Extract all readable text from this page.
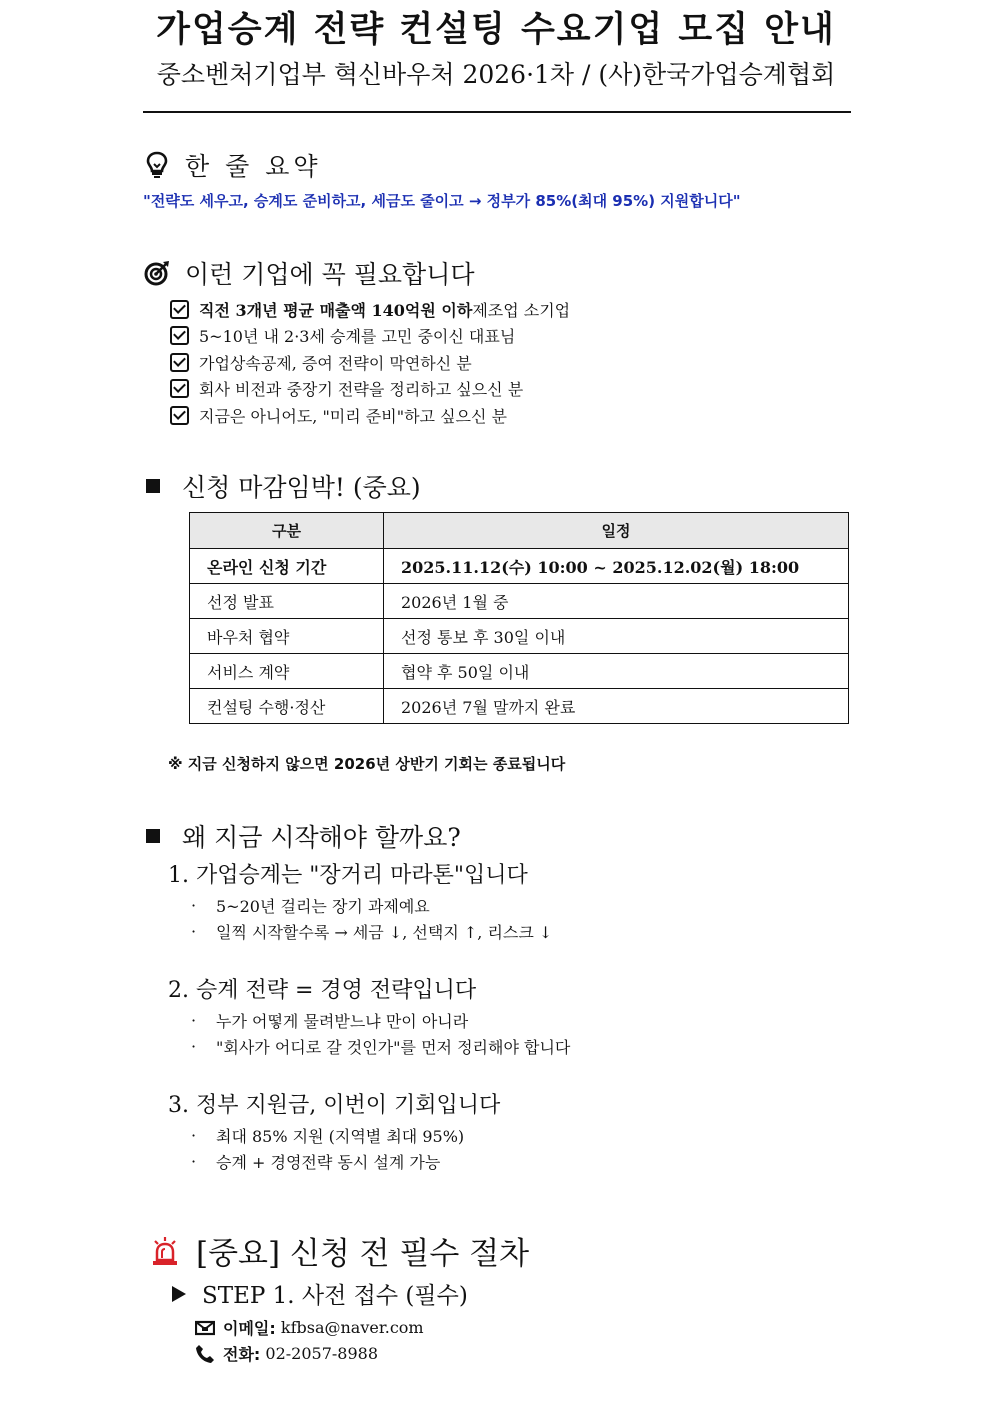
가업승계 전략 컨설팅 수요기업 모집 안내
중소벤처기업부 혁신바우처 2026·1차 / (사)한국가업승계협회
한 줄 요약
"전략도 세우고, 승계도 준비하고, 세금도 줄이고 → 정부가 85%(최대 95%) 지원합니다"
이런 기업에 꼭 필요합니다
직전 3개년 평균 매출액 140억원 이하 제조업 소기업
5~10년 내 2·3세 승계를 고민 중이신 대표님
가업상속공제, 증여 전략이 막연하신 분
회사 비전과 중장기 전략을 정리하고 싶으신 분
지금은 아니어도, "미리 준비"하고 싶으신 분
신청 마감임박! (중요)
구분	일정
온라인 신청 기간	2025.11.12(수) 10:00 ~ 2025.12.02(월) 18:00
선정 발표	2026년 1월 중
바우처 협약	선정 통보 후 30일 이내
서비스 계약	협약 후 50일 이내
컨설팅 수행·정산	2026년 7월 말까지 완료
※ 지금 신청하지 않으면 2026년 상반기 기회는 종료됩니다
왜 지금 시작해야 할까요?
1. 가업승계는 "장거리 마라톤"입니다
·	5~20년 걸리는 장기 과제예요
·	일찍 시작할수록 → 세금 ↓, 선택지 ↑, 리스크 ↓
2. 승계 전략 = 경영 전략입니다
·	누가 어떻게 물려받느냐 만이 아니라
·	"회사가 어디로 갈 것인가"를 먼저 정리해야 합니다
3. 정부 지원금, 이번이 기회입니다
·	최대 85% 지원 (지역별 최대 95%)
·	승계 + 경영전략 동시 설계 가능
[중요] 신청 전 필수 절차
STEP 1. 사전 접수 (필수)
이메일:
kfbsa@naver.com
전화:
02-2057-8988
